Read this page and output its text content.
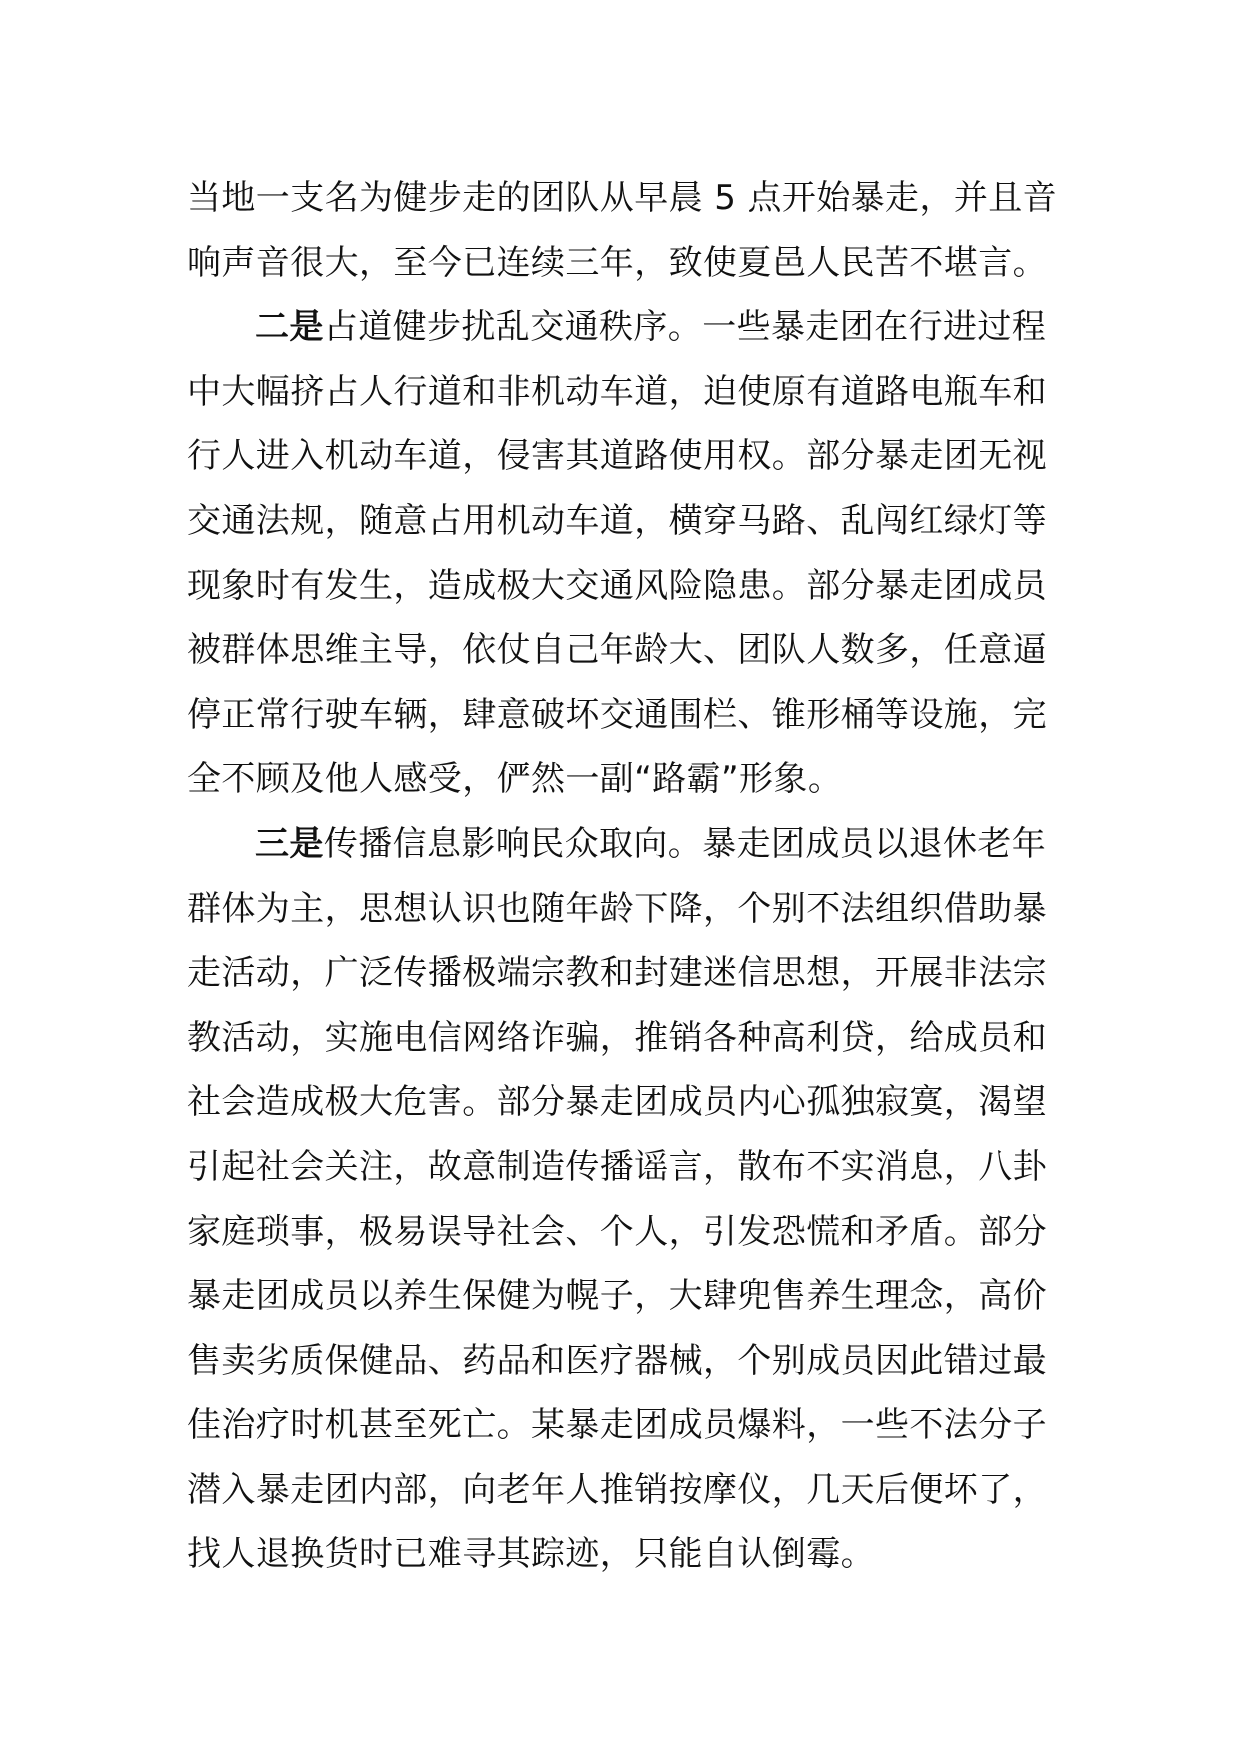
当地一支名为健步走的团队从早晨 5 点开始暴走，并且音
响声音很大，至今已连续三年，致使夏邑人民苦不堪言。
二是占道健步扰乱交通秩序。一些暴走团在行进过程
中大幅挤占人行道和非机动车道，迫使原有道路电瓶车和
行人进入机动车道，侵害其道路使用权。部分暴走团无视
交通法规，随意占用机动车道，横穿马路、乱闯红绿灯等
现象时有发生，造成极大交通风险隐患。部分暴走团成员
被群体思维主导，依仗自己年龄大、团队人数多，任意逼
停正常行驶车辆，肆意破坏交通围栏、锥形桶等设施，完
全不顾及他人感受，俨然一副“路霸”形象。
三是传播信息影响民众取向。暴走团成员以退休老年
群体为主，思想认识也随年龄下降，个别不法组织借助暴
走活动，广泛传播极端宗教和封建迷信思想，开展非法宗
教活动，实施电信网络诈骗，推销各种高利贷，给成员和
社会造成极大危害。部分暴走团成员内心孤独寂寞，渴望
引起社会关注，故意制造传播谣言，散布不实消息，八卦
家庭琐事，极易误导社会、个人，引发恐慌和矛盾。部分
暴走团成员以养生保健为幌子，大肆兜售养生理念，高价
售卖劣质保健品、药品和医疗器械，个别成员因此错过最
佳治疗时机甚至死亡。某暴走团成员爆料，一些不法分子
潜入暴走团内部，向老年人推销按摩仪，几天后便坏了，
找人退换货时已难寻其踪迹，只能自认倒霉。
